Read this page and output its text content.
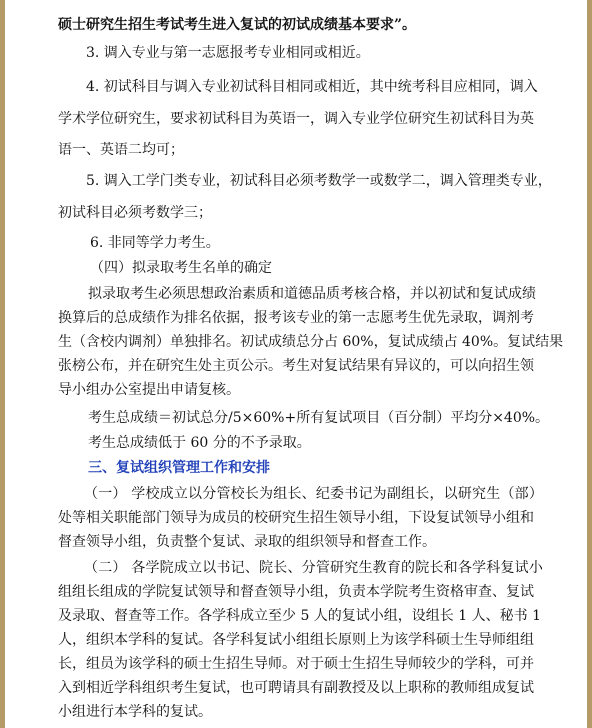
硕士研究生招生考试考生进入复试的初试成绩基本要求”。
3. 调入专业与第一志愿报考专业相同或相近。
4. 初试科目与调入专业初试科目相同或相近，其中统考科目应相同，调入
学术学位研究生，要求初试科目为英语一，调入专业学位研究生初试科目为英
语一、英语二均可；
5. 调入工学门类专业，初试科目必须考数学一或数学二，调入管理类专业，
初试科目必须考数学三；
6. 非同等学力考生。
（四）拟录取考生名单的确定
拟录取考生必须思想政治素质和道德品质考核合格，并以初试和复试成绩
换算后的总成绩作为排名依据，报考该专业的第一志愿考生优先录取，调剂考
生（含校内调剂）单独排名。初试成绩总分占 60%，复试成绩占 40%。复试结果
张榜公布，并在研究生处主页公示。考生对复试结果有异议的，可以向招生领
导小组办公室提出申请复核。
考生总成绩＝初试总分/5×60%+所有复试项目（百分制）平均分×40%。
考生总成绩低于 60 分的不予录取。
三、复试组织管理工作和安排
（一） 学校成立以分管校长为组长、纪委书记为副组长，以研究生（部）
处等相关职能部门领导为成员的校研究生招生领导小组，下设复试领导小组和
督查领导小组，负责整个复试、录取的组织领导和督查工作。
（二） 各学院成立以书记、院长、分管研究生教育的院长和各学科复试小
组组长组成的学院复试领导和督查领导小组，负责本学院考生资格审查、复试
及录取、督查等工作。各学科成立至少 5 人的复试小组，设组长 1 人、秘书 1
人，组织本学科的复试。各学科复试小组组长原则上为该学科硕士生导师组组
长，组员为该学科的硕士生招生导师。对于硕士生招生导师较少的学科，可并
入到相近学科组织考生复试，也可聘请具有副教授及以上职称的教师组成复试
小组进行本学科的复试。
